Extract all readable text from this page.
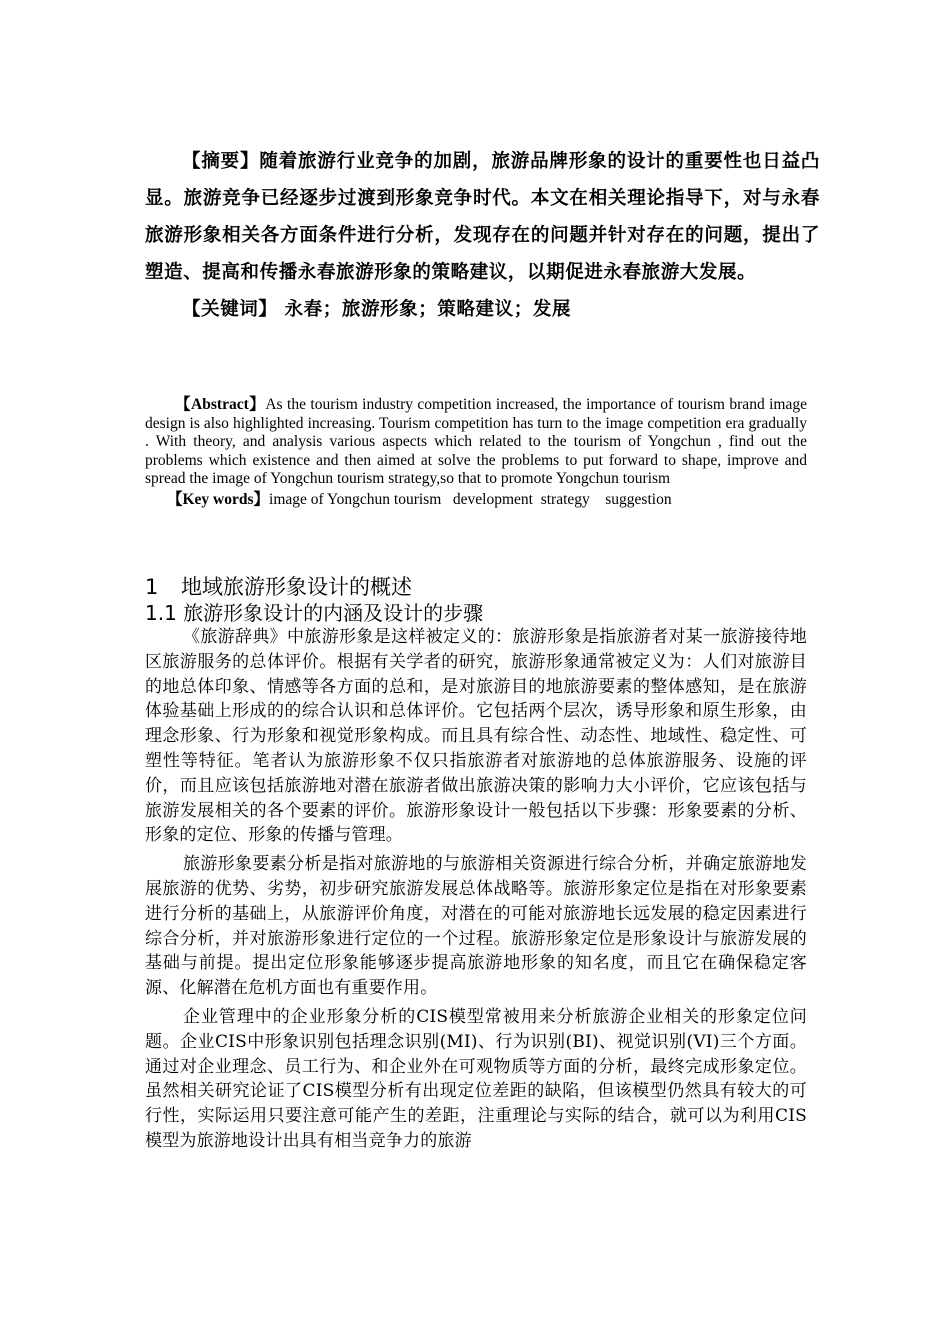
【摘要】随着旅游行业竞争的加剧，旅游品牌形象的设计的重要性也日益凸显。旅游竞争已经逐步过渡到形象竞争时代。本文在相关理论指导下，对与永春旅游形象相关各方面条件进行分析，发现存在的问题并针对存在的问题，提出了塑造、提高和传播永春旅游形象的策略建议，以期促进永春旅游大发展。

【关键词】 永春；旅游形象；策略建议；发展

【Abstract】As the tourism industry competition increased, the importance of tourism brand image design is also highlighted increasing. Tourism competition has turn to the image competition era gradually . With theory, and analysis various aspects which related to the tourism of Yongchun , find out the problems which existence and then aimed at solve the problems to put forward to shape, improve and spread the image of Yongchun tourism strategy,so that to promote Yongchun tourism

【Key words】image of Yongchun tourism   development  strategy    suggestion

1 地域旅游形象设计的概述
1.1 旅游形象设计的内涵及设计的步骤

《旅游辞典》中旅游形象是这样被定义的：旅游形象是指旅游者对某一旅游接待地区旅游服务的总体评价。根据有关学者的研究，旅游形象通常被定义为：人们对旅游目的地总体印象、情感等各方面的总和，是对旅游目的地旅游要素的整体感知，是在旅游体验基础上形成的的综合认识和总体评价。它包括两个层次，诱导形象和原生形象，由理念形象、行为形象和视觉形象构成。而且具有综合性、动态性、地域性、稳定性、可塑性等特征。笔者认为旅游形象不仅只指旅游者对旅游地的总体旅游服务、设施的评价，而且应该包括旅游地对潜在旅游者做出旅游决策的影响力大小评价，它应该包括与旅游发展相关的各个要素的评价。旅游形象设计一般包括以下步骤：形象要素的分析、形象的定位、形象的传播与管理。

旅游形象要素分析是指对旅游地的与旅游相关资源进行综合分析，并确定旅游地发展旅游的优势、劣势，初步研究旅游发展总体战略等。旅游形象定位是指在对形象要素进行分析的基础上，从旅游评价角度，对潜在的可能对旅游地长远发展的稳定因素进行综合分析，并对旅游形象进行定位的一个过程。旅游形象定位是形象设计与旅游发展的基础与前提。提出定位形象能够逐步提高旅游地形象的知名度，而且它在确保稳定客源、化解潜在危机方面也有重要作用。

企业管理中的企业形象分析的CIS模型常被用来分析旅游企业相关的形象定位问题。企业CIS中形象识别包括理念识别(MI)、行为识别(BI)、视觉识别(VI)三个方面。通过对企业理念、员工行为、和企业外在可观物质等方面的分析，最终完成形象定位。虽然相关研究论证了CIS模型分析有出现定位差距的缺陷，但该模型仍然具有较大的可行性，实际运用只要注意可能产生的差距，注重理论与实际的结合，就可以为利用CIS模型为旅游地设计出具有相当竞争力的旅游
